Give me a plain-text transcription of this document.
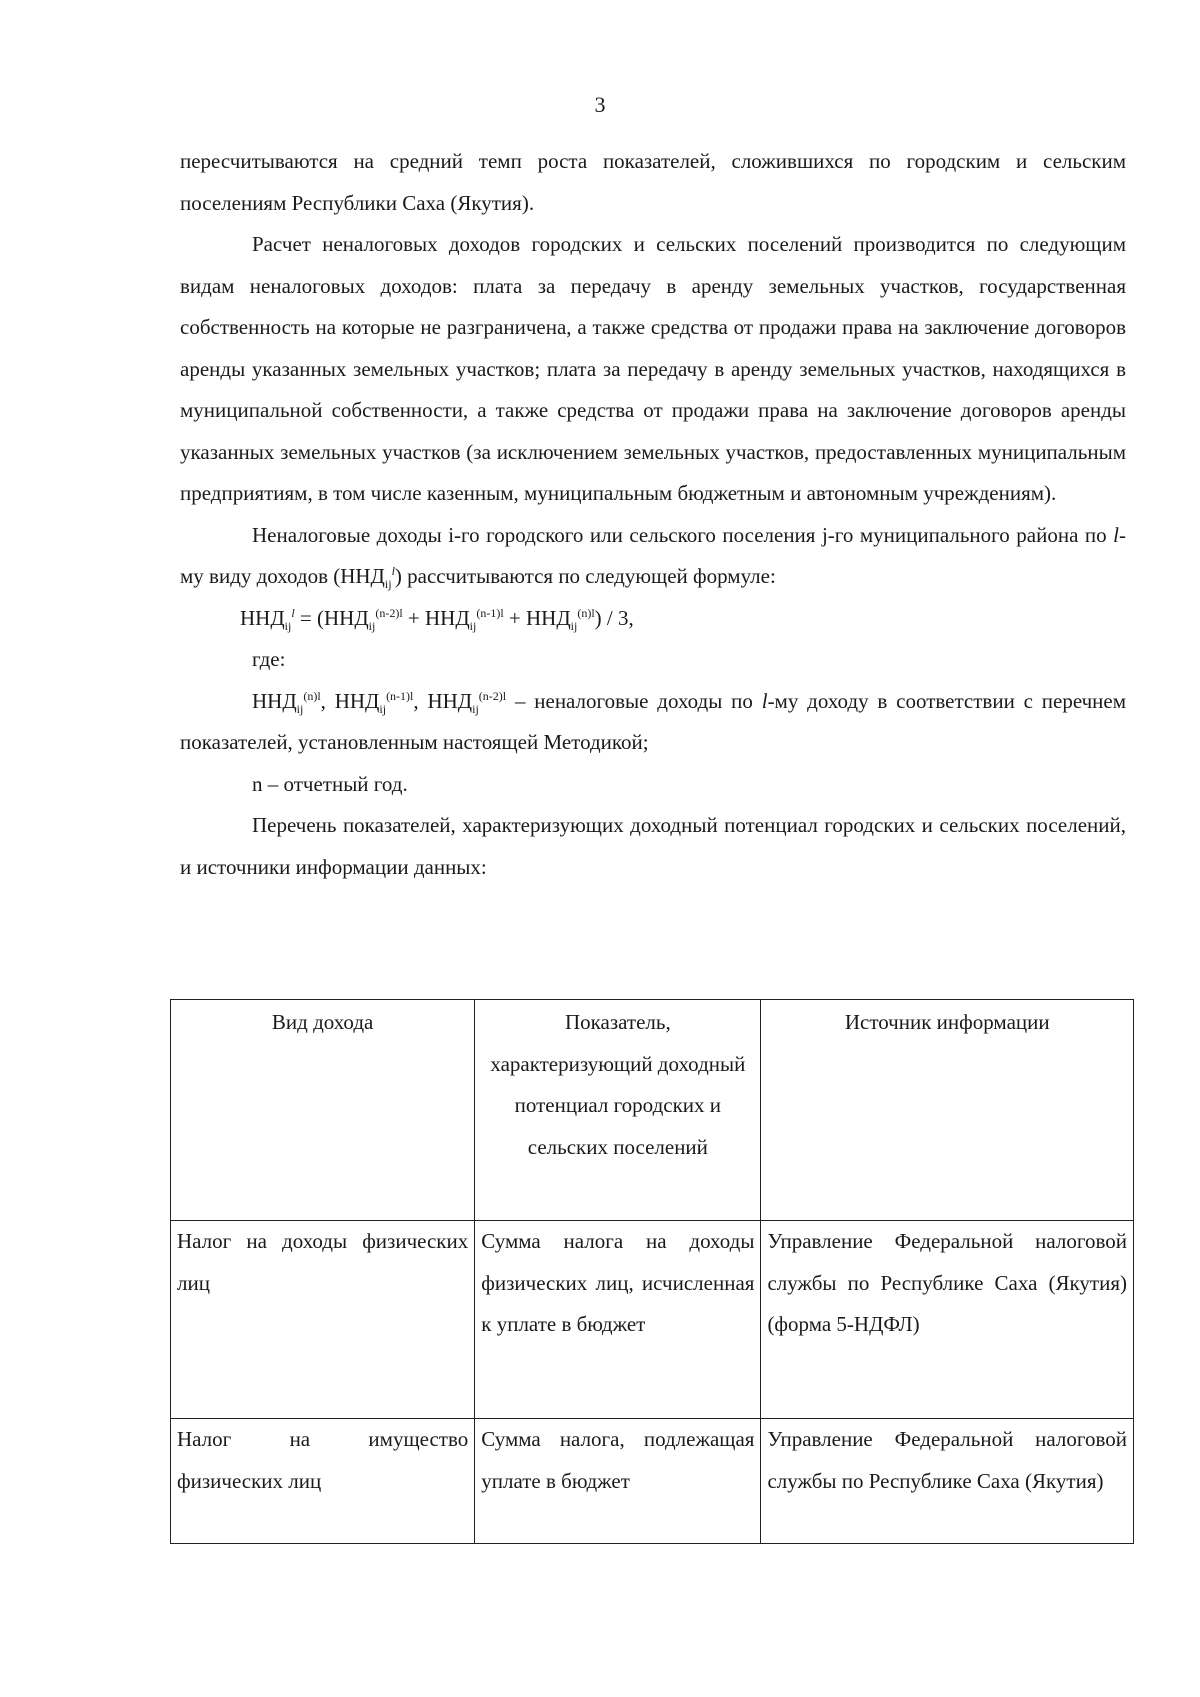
3

пересчитываются на средний темп роста показателей, сложившихся по городским и сельским поселениям Республики Саха (Якутия).

Расчет неналоговых доходов городских и сельских поселений производится по следующим видам неналоговых доходов: плата за передачу в аренду земельных участков, государственная собственность на которые не разграничена, а также средства от продажи права на заключение договоров аренды указанных земельных участков; плата за передачу в аренду земельных участков, находящихся в муниципальной собственности, а также средства от продажи права на заключение договоров аренды указанных земельных участков (за исключением земельных участков, предоставленных муниципальным предприятиям, в том числе казенным, муниципальным бюджетным и автономным учреждениям).

Неналоговые доходы i-го городского или сельского поселения j-го муниципального района по l-му виду доходов $(ННД_{ij}^l)$ рассчитываются по следующей формуле:

$ННД_{ij}^l = (ННД_{ij}^{(n-2)l} + ННД_{ij}^{(n-1)l} + ННД_{ij}^{(n)l}) / 3$,

где:

$ННД_{ij}^{(n)l}$, $ННД_{ij}^{(n-1)l}$, $ННД_{ij}^{(n-2)l}$ – неналоговые доходы по l-му доходу в соответствии с перечнем показателей, установленным настоящей Методикой;

n – отчетный год.

Перечень показателей, характеризующих доходный потенциал городских и сельских поселений, и источники информации данных:

Вид дохода	Показатель, характеризующий доходный потенциал городских и сельских поселений	Источник информации
Налог на доходы физических лиц	Сумма налога на доходы физических лиц, исчисленная к уплате в бюджет	Управление Федеральной налоговой службы по Республике Саха (Якутия) (форма 5-НДФЛ)
Налог на имущество физических лиц	Сумма налога, подлежащая уплате в бюджет	Управление Федеральной налоговой службы по Республике Саха (Якутия)
